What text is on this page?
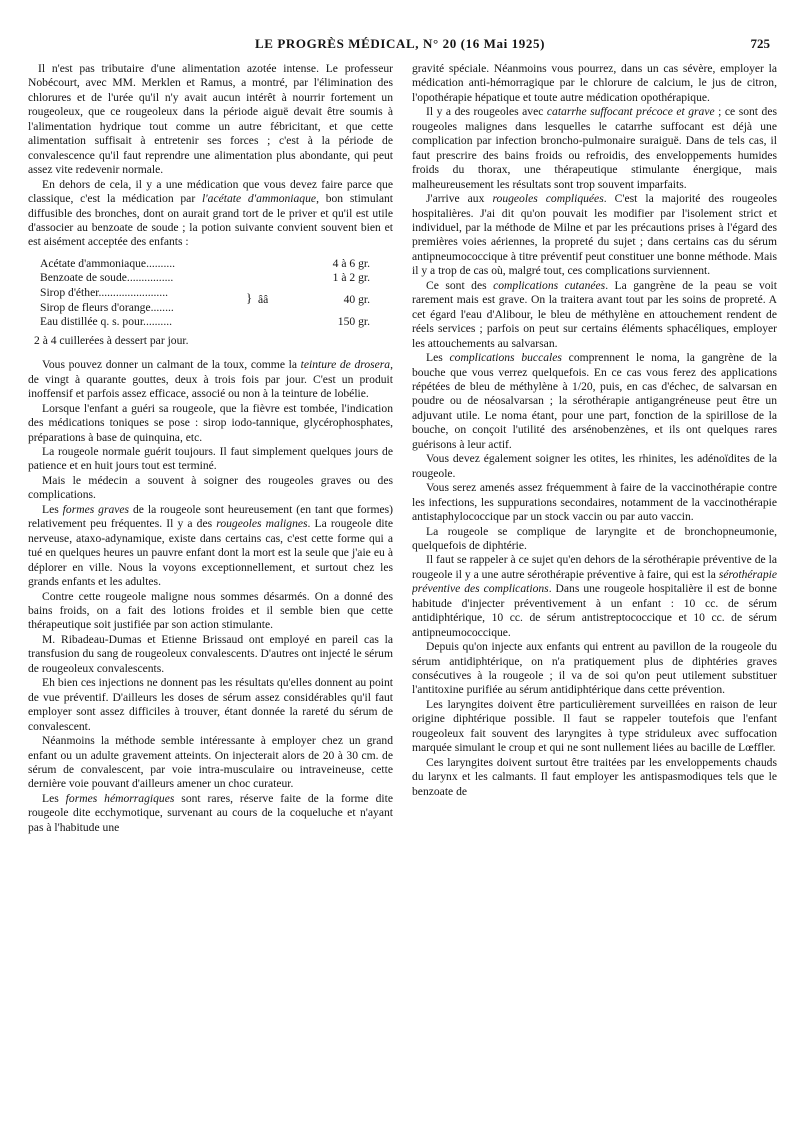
LE PROGRÈS MÉDICAL, N° 20 (16 Mai 1925)	725

Il n'est pas tributaire d'une alimentation azotée intense. Le professeur Nobécourt, avec MM. Merklen et Ramus, a montré, par l'élimination des chlorures et de l'urée qu'il n'y avait aucun intérêt à nourrir fortement un rougeoleux, que ce rougeoleux dans la période aiguë devait être soumis à l'alimentation hydrique tout comme un autre fébricitant, et que cette alimentation suffisait à entretenir ses forces ; c'est à la période de convalescence qu'il faut reprendre une alimentation plus abondante, qui peut assez vite redevenir normale.

En dehors de cela, il y a une médication que vous devez faire parce que classique, c'est la médication par l'acétate d'ammoniaque, bon stimulant diffusible des bronches, dont on aurait grand tort de le priver et qu'il est utile d'associer au benzoate de soude ; la potion suivante convient souvent bien et est aisément acceptée des enfants :

Acétate d'ammoniaque..........	4 à 6 gr.
Benzoate de soude................	1 à 2 gr.
Sirop d'éther........................
Sirop de fleurs d'orange........
} ââ	40 gr.
Eau distillée q. s. pour..........	150 gr.

2 à 4 cuillerées à dessert par jour.

Vous pouvez donner un calmant de la toux, comme la teinture de drosera, de vingt à quarante gouttes, deux à trois fois par jour. C'est un produit inoffensif et parfois assez efficace, associé ou non à la teinture de lobélie.

Lorsque l'enfant a guéri sa rougeole, que la fièvre est tombée, l'indication des médications toniques se pose : sirop iodo-tannique, glycérophosphates, préparations à base de quinquina, etc.

La rougeole normale guérit toujours. Il faut simplement quelques jours de patience et en huit jours tout est terminé.

Mais le médecin a souvent à soigner des rougeoles graves ou des complications.

Les formes graves de la rougeole sont heureusement (en tant que formes) relativement peu fréquentes. Il y a des rougeoles malignes. La rougeole dite nerveuse, ataxo-adynamique, existe dans certains cas, c'est cette forme qui a tué en quelques heures un pauvre enfant dont la mort est la seule que j'aie eu à déplorer en ville. Nous la voyons exceptionnellement, et surtout chez les grands enfants et les adultes.

Contre cette rougeole maligne nous sommes désarmés. On a donné des bains froids, on a fait des lotions froides et il semble bien que cette thérapeutique soit justifiée par son action stimulante.

M. Ribadeau-Dumas et Etienne Brissaud ont employé en pareil cas la transfusion du sang de rougeoleux convalescents. D'autres ont injecté le sérum de rougeoleux convalescents.

Eh bien ces injections ne donnent pas les résultats qu'elles donnent au point de vue préventif. D'ailleurs les doses de sérum assez considérables qu'il faut employer sont assez difficiles à trouver, étant donnée la rareté du sérum de convalescent.

Néanmoins la méthode semble intéressante à employer chez un grand enfant ou un adulte gravement atteints. On injecterait alors de 20 à 30 cm. de sérum de convalescent, par voie intra-musculaire ou intraveineuse, cette dernière voie pouvant d'ailleurs amener un choc curateur.

Les formes hémorragiques sont rares, réserve faite de la forme dite rougeole dite ecchymotique, survenant au cours de la coqueluche et n'ayant pas à l'habitude une

gravité spéciale. Néanmoins vous pourrez, dans un cas sévère, employer la médication anti-hémorragique par le chlorure de calcium, le jus de citron, l'opothérapie hépatique et toute autre médication opothérapique.

Il y a des rougeoles avec catarrhe suffocant précoce et grave ; ce sont des rougeoles malignes dans lesquelles le catarrhe suffocant est déjà une complication par infection broncho-pulmonaire suraiguë. Dans de tels cas, il faut prescrire des bains froids ou refroidis, des enveloppements humides froids du thorax, une thérapeutique stimulante énergique, mais malheureusement les résultats sont trop souvent imparfaits.

J'arrive aux rougeoles compliquées. C'est la majorité des rougeoles hospitalières. J'ai dit qu'on pouvait les modifier par l'isolement strict et individuel, par la méthode de Milne et par les précautions prises à l'égard des premières voies aériennes, la propreté du sujet ; dans certains cas du sérum antipneumococcique à titre préventif peut constituer une bonne méthode. Mais il y a trop de cas où, malgré tout, ces complications surviennent.

Ce sont des complications cutanées. La gangrène de la peau se voit rarement mais est grave. On la traitera avant tout par les soins de propreté. A cet égard l'eau d'Alibour, le bleu de méthylène en attouchement rendent de réels services ; parfois on peut sur certains éléments sphacéliques, employer les attouchements au salvarsan.

Les complications buccales comprennent le noma, la gangrène de la bouche que vous verrez quelquefois. En ce cas vous ferez des applications répétées de bleu de méthylène à 1/20, puis, en cas d'échec, de salvarsan en poudre ou de néosalvarsan ; la sérothérapie antigangréneuse peut être un adjuvant utile. Le noma étant, pour une part, fonction de la spirillose de la bouche, on conçoit l'utilité des arsénobenzènes, et ils ont quelques rares guérisons à leur actif.

Vous devez également soigner les otites, les rhinites, les adénoïdites de la rougeole.

Vous serez amenés assez fréquemment à faire de la vaccinothérapie contre les infections, les suppurations secondaires, notamment de la vaccinothérapie antistaphylococcique par un stock vaccin ou par auto vaccin.

La rougeole se complique de laryngite et de bronchopneumonie, quelquefois de diphtérie.

Il faut se rappeler à ce sujet qu'en dehors de la sérothérapie préventive de la rougeole il y a une autre sérothérapie préventive à faire, qui est la sérothérapie préventive des complications. Dans une rougeole hospitalière il est de bonne habitude d'injecter préventivement à un enfant : 10 cc. de sérum antidiphtérique, 10 cc. de sérum antistreptococcique et 10 cc. de sérum antipneumococcique.

Depuis qu'on injecte aux enfants qui entrent au pavillon de la rougeole du sérum antidiphtérique, on n'a pratiquement plus de diphtéries graves consécutives à la rougeole ; il va de soi qu'on peut utilement substituer l'antitoxine purifiée au sérum antidiphtérique dans cette prévention.

Les laryngites doivent être particulièrement surveillées en raison de leur origine diphtérique possible. Il faut se rappeler toutefois que l'enfant rougeoleux fait souvent des laryngites à type striduleux avec suffocation marquée simulant le croup et qui ne sont nullement liées au bacille de Lœffler.

Ces laryngites doivent surtout être traitées par les enveloppements chauds du larynx et les calmants. Il faut employer les antispasmodiques tels que le benzoate de
